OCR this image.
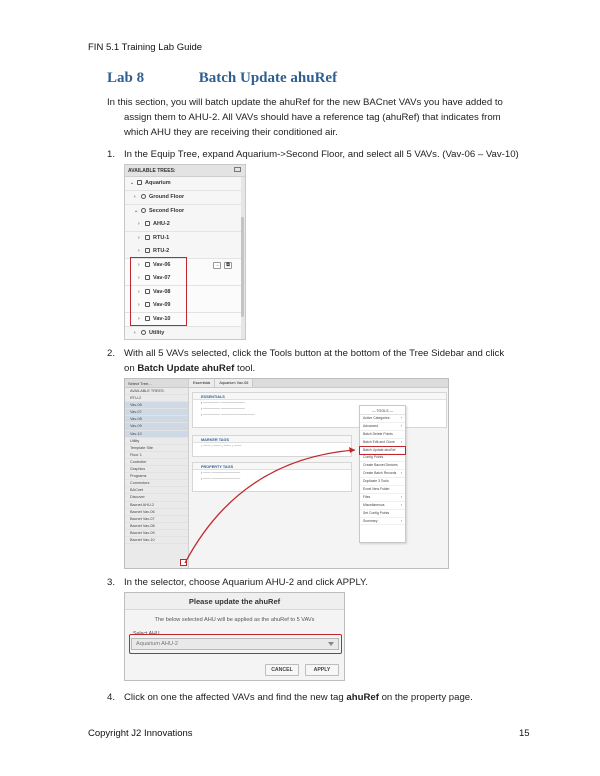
FIN 5.1 Training Lab Guide
Lab 8	Batch Update ahuRef
In this section, you will batch update the ahuRef for the new BACnet VAVs you have added to
assign them to AHU-2. All VAVs should have a reference tag (ahuRef) that indicates from
which AHU they are receiving their conditioned air.
1. In the Equip Tree, expand Aquarium->Second Floor, and select all 5 VAVs. (Vav-06 – Vav-10)
AVAILABLE TREES:
⌄ Aquarium
› Ground Floor
⌄ Second Floor
› AHU-2
› RTU-1
› RTU-2
› Vav-06	→	⧉
› Vav-07
› Vav-08
› Vav-09
› Vav-10
› Utility
2. With all 5 VAVs selected, click the Tools button at the bottom of the Tree Sidebar and click
on Batch Update ahuRef tool.
Select Tree...
AVAILABLE TREES:
RTU-2
Vav-06
Vav-07
Vav-08
Vav-09
Vav-10
Utility
Template Site
Floor 1
Controller
Graphics
Programs
Connectors
BACnet
Discover
Bacnet AHU-2
Bacnet Vav-06
Bacnet Vav-07
Bacnet Vav-08
Bacnet Vav-09
Bacnet Vav-10
Essentials Aquarium Vav-06
ESSENTIALS
▪ ─────── ──────────
▪ ─────── ──────────
▪ ─────── ──────────────
MARKER TAGS
▫ ─── ▫ ─── ▫ ─── ▫ ───
PROPERTY TAGS
▪ ─── ────────────
▪ ─── ────────────
— TOOLS —
Active Categories	›
Advanced	›
Batch Delete Points
Batch Edit and Clone ›
Batch Update ahuRef
Config Points
Create Bacnet Devices
Create Batch Records ›
Duplicate 3 Tools
Excel New Folder
Files	›
Miscellaneous	›
Set Config Points
Summary	›
3. In the selector, choose Aquarium AHU-2 and click APPLY.
Please update the ahuRef
The below selected AHU will be applied as the ahuRef to 5 VAVs
Select AHU
Aquarium AHU-2
CANCEL	APPLY
4. Click on one the affected VAVs and find the new tag ahuRef on the property page.
Copyright J2 Innovations	15
